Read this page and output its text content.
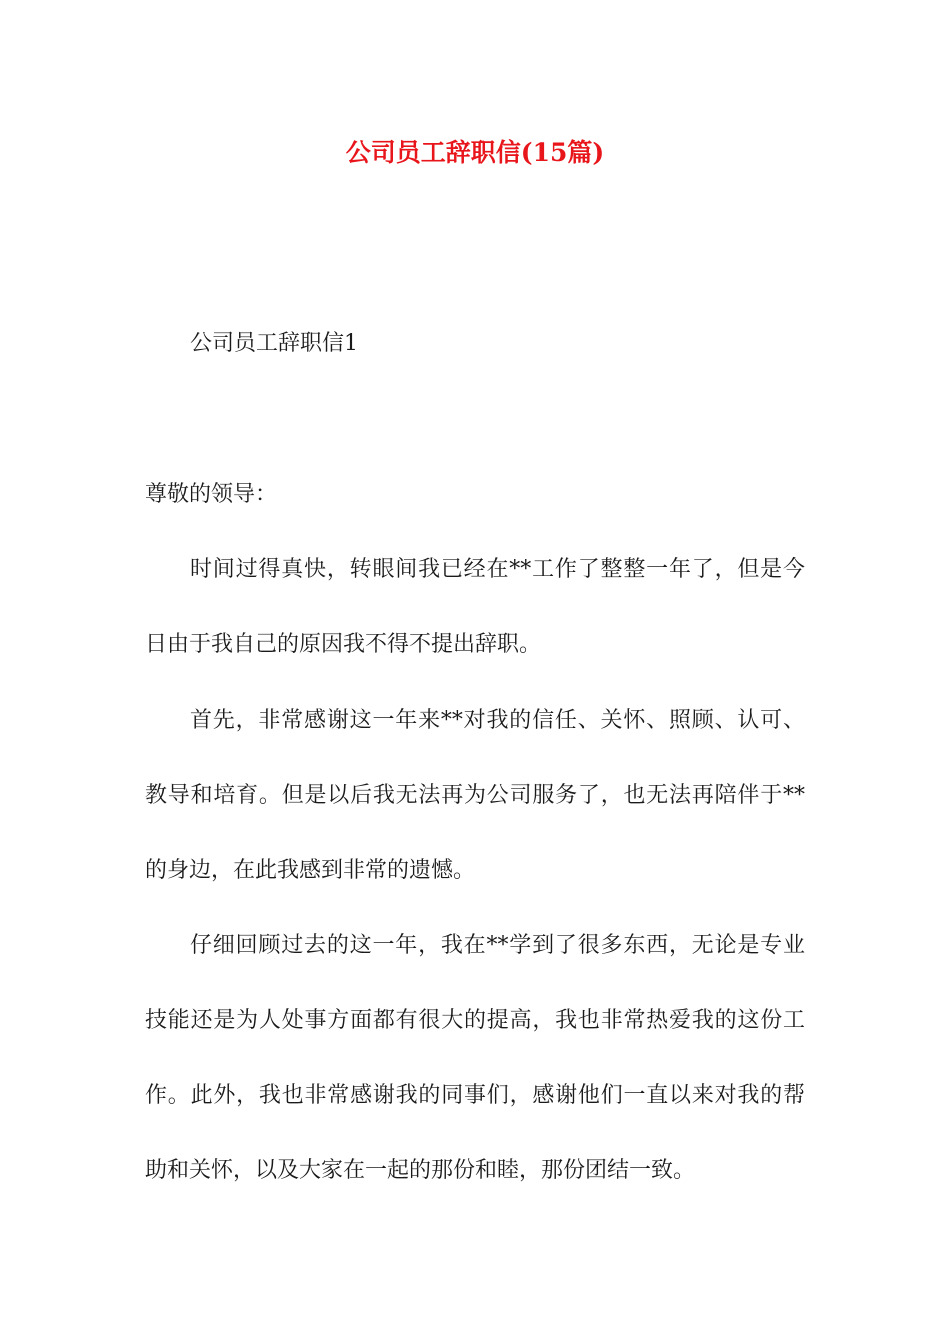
公司员工辞职信(15篇)

公司员工辞职信1

尊敬的领导：

时间过得真快，转眼间我已经在**工作了整整一年了，但是今

日由于我自己的原因我不得不提出辞职。

首先，非常感谢这一年来**对我的信任、关怀、照顾、认可、

教导和培育。但是以后我无法再为公司服务了，也无法再陪伴于**

的身边，在此我感到非常的遗憾。

仔细回顾过去的这一年，我在**学到了很多东西，无论是专业

技能还是为人处事方面都有很大的提高，我也非常热爱我的这份工

作。此外，我也非常感谢我的同事们，感谢他们一直以来对我的帮

助和关怀，以及大家在一起的那份和睦，那份团结一致。
